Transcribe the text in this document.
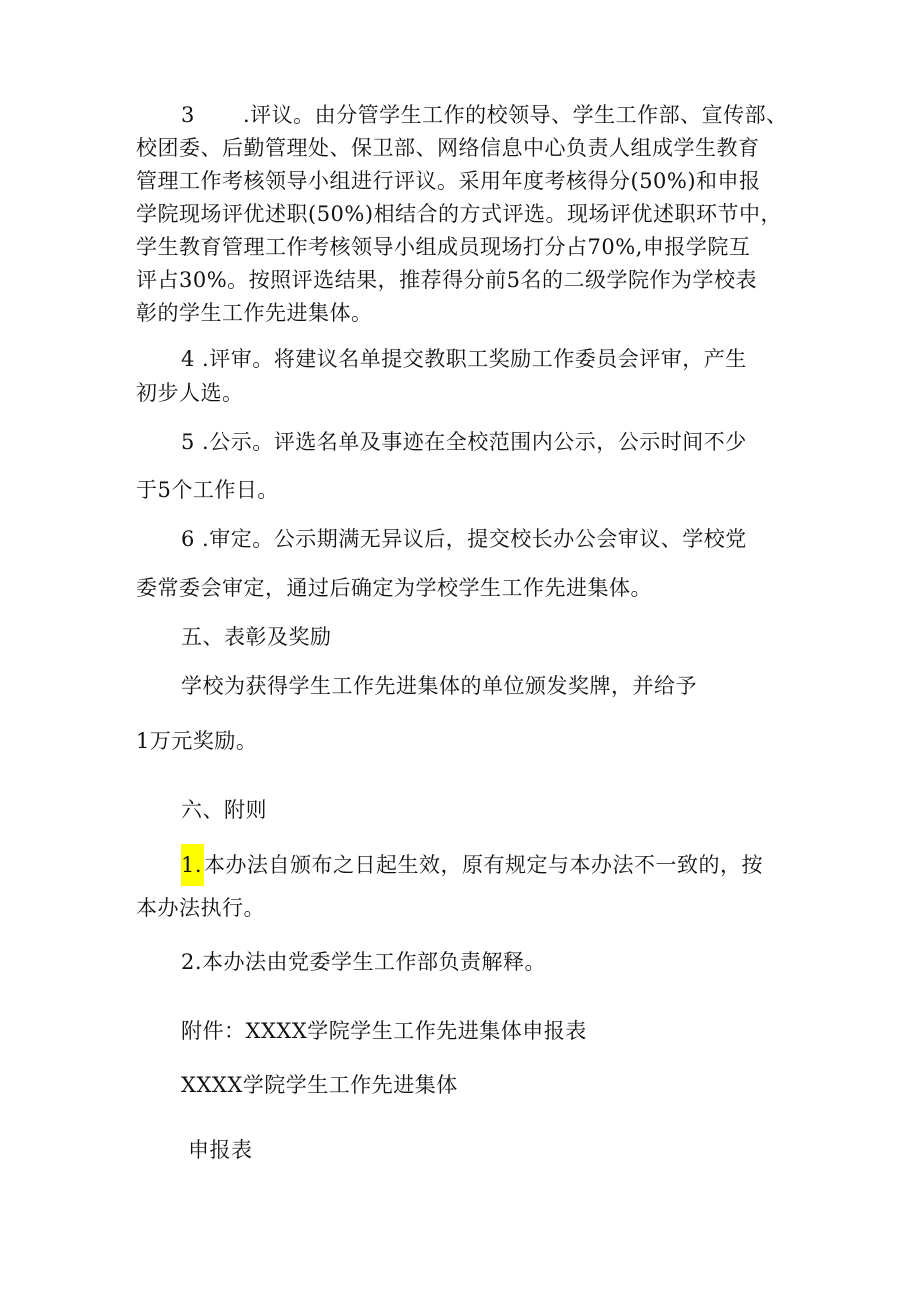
3 .评议。由分管学生工作的校领导、学生工作部、宣传部、
校团委、后勤管理处、保卫部、网络信息中心负责人组成学生教育
管理工作考核领导小组进行评议。采用年度考核得分(50%)和申报
学院现场评优述职(50%)相结合的方式评选。现场评优述职环节中，
学生教育管理工作考核领导小组成员现场打分占70%,申报学院互
评占30%。按照评选结果，推荐得分前5名的二级学院作为学校表
彰的学生工作先进集体。
4 .评审。将建议名单提交教职工奖励工作委员会评审，产生
初步人选。
5 .公示。评选名单及事迹在全校范围内公示，公示时间不少
于5个工作日。
6 .审定。公示期满无异议后，提交校长办公会审议、学校党
委常委会审定，通过后确定为学校学生工作先进集体。
五、表彰及奖励
学校为获得学生工作先进集体的单位颁发奖牌，并给予
1万元奖励。
六、附则
1.本办法自颁布之日起生效，原有规定与本办法不一致的，按
本办法执行。
2.本办法由党委学生工作部负责解释。
附件：XXXX学院学生工作先进集体申报表
XXXX学院学生工作先进集体
申报表
